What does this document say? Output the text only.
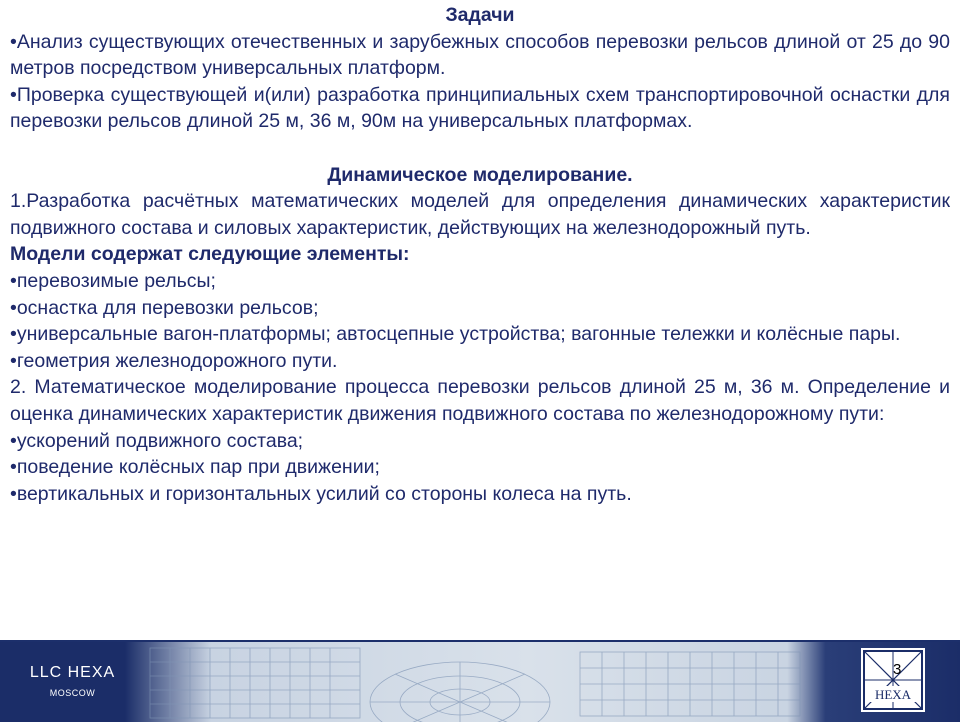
Задачи

•Анализ существующих отечественных и зарубежных способов перевозки рельсов длиной от 25 до 90 метров посредством универсальных платформ.

•Проверка существующей и(или) разработка принципиальных схем транспортировочной оснастки для перевозки рельсов длиной 25 м, 36 м, 90м на универсальных платформах.

Динамическое моделирование.

1.Разработка расчётных математических моделей для определения динамических характеристик подвижного состава и силовых характеристик, действующих на железнодорожный путь.

Модели содержат следующие элементы:

•перевозимые рельсы;

•оснастка для перевозки рельсов;

•универсальные вагон-платформы; автосцепные устройства; вагонные тележки и колёсные пары.

•геометрия железнодорожного пути.

2. Математическое моделирование процесса перевозки рельсов длиной 25 м, 36 м. Определение и оценка динамических характеристик движения подвижного состава по железнодорожному пути:

•ускорений подвижного состава;

•поведение колёсных пар при движении;

•вертикальных и горизонтальных усилий со стороны колеса на путь.

LLC HEXA
MOSCOW	HEXA
3
